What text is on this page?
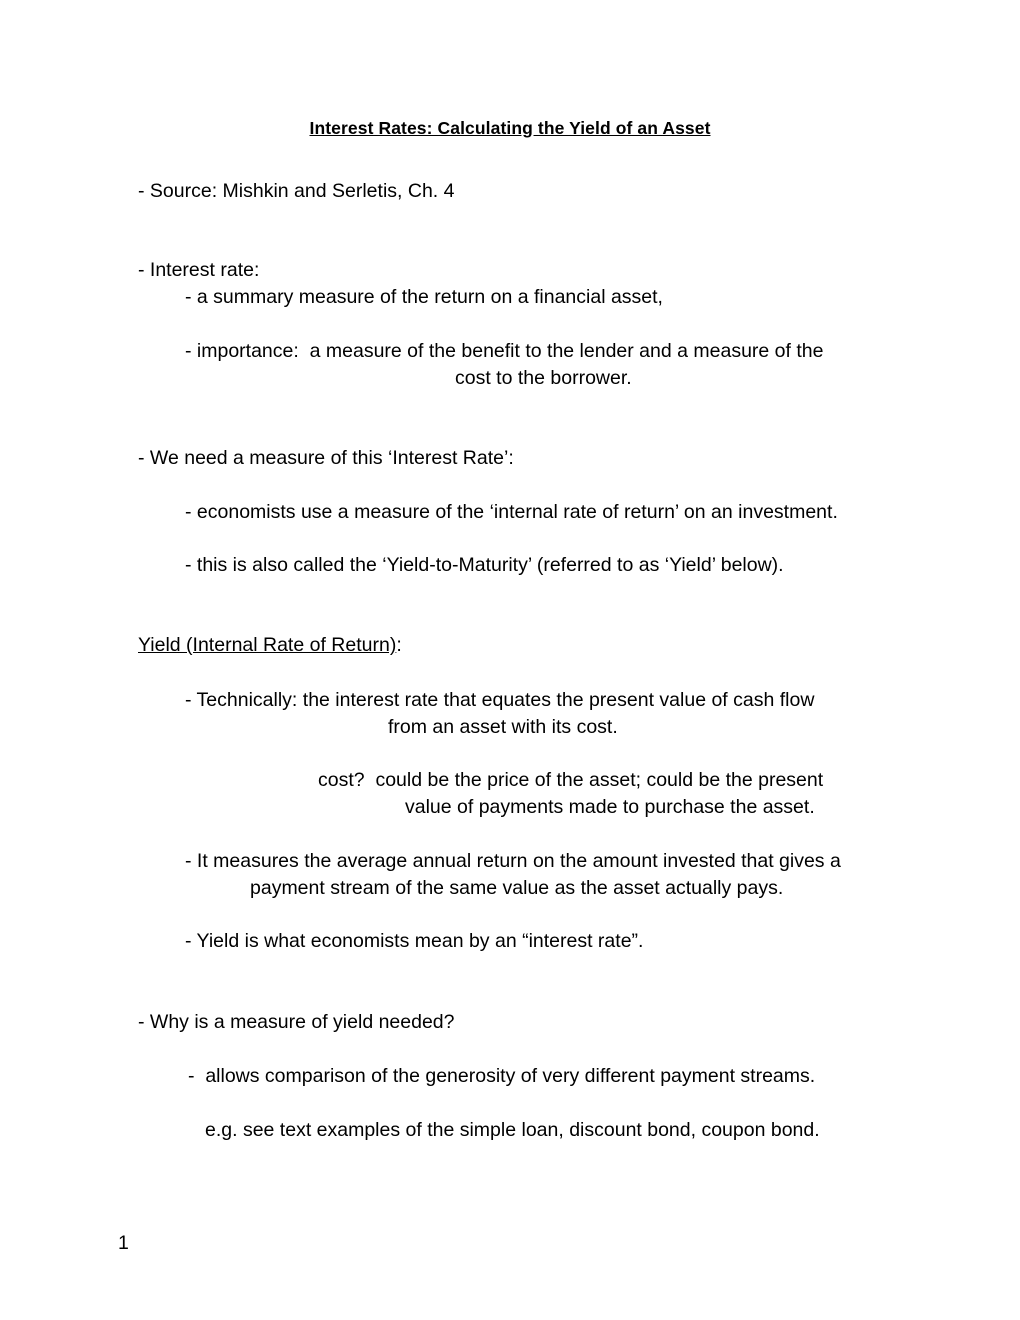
Interest Rates: Calculating the Yield of an Asset
- Source: Mishkin and Serletis, Ch. 4
- Interest rate:
- a summary measure of the return on a financial asset,
- importance:  a measure of the benefit to the lender and a measure of the
cost to the borrower.
- We need a measure of this ‘Interest Rate’:
- economists use a measure of the ‘internal rate of return’ on an investment.
- this is also called the ‘Yield-to-Maturity’ (referred to as ‘Yield’ below).
Yield (Internal Rate of Return):
- Technically: the interest rate that equates the present value of cash flow
from an asset with its cost.
cost?  could be the price of the asset; could be the present
value of payments made to purchase the asset.
- It measures the average annual return on the amount invested that gives a
payment stream of the same value as the asset actually pays.
- Yield is what economists mean by an “interest rate”.
- Why is a measure of yield needed?
-  allows comparison of the generosity of very different payment streams.
e.g. see text examples of the simple loan, discount bond, coupon bond.
1
